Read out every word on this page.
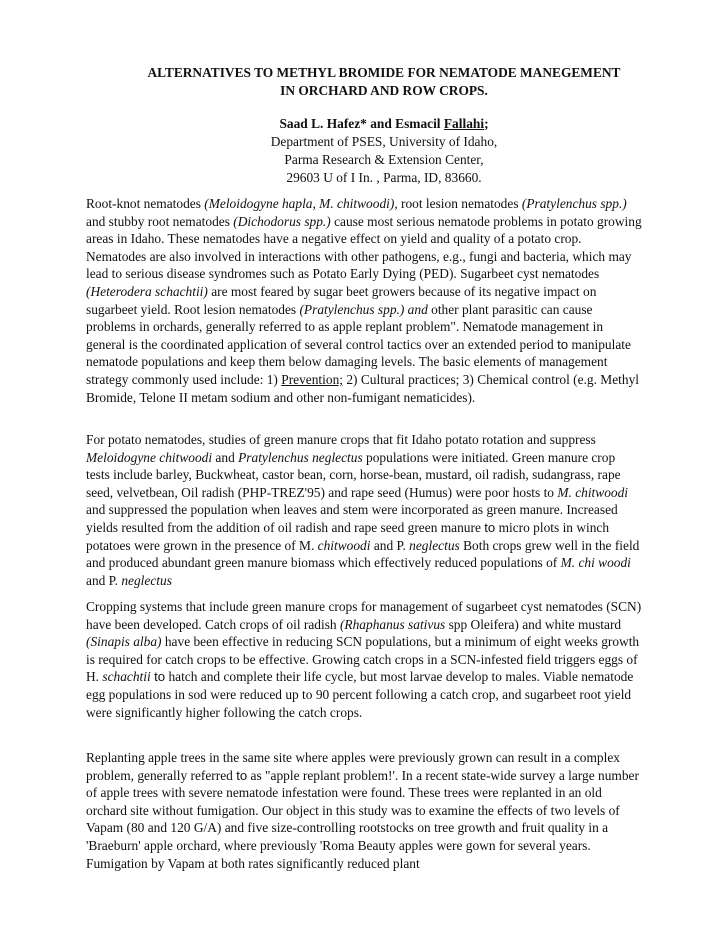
ALTERNATIVES TO METHYL BROMIDE FOR NEMATODE MANEGEMENT
IN ORCHARD AND ROW CROPS.
Saad L. Hafez* and Esmacil Fallahi;
Department of PSES, University of Idaho,
Parma Research & Extension Center,
29603 U of I In. , Parma, ID, 83660.

Root-knot nematodes (Meloidogyne hapla, M. chitwoodi), root lesion nematodes (Pratylenchus spp.) and stubby root nematodes (Dichodorus spp.) cause most serious nematode problems in potato growing areas in Idaho. These nematodes have a negative effect on yield and quality of a potato crop. Nematodes are also involved in interactions with other pathogens, e.g., fungi and bacteria, which may lead to serious disease syndromes such as Potato Early Dying (PED). Sugarbeet cyst nematodes (Heterodera schachtii) are most feared by sugar beet growers because of its negative impact on sugarbeet yield. Root lesion nematodes (Pratylenchus spp.) and other plant parasitic can cause problems in orchards, generally referred to as apple replant problem". Nematode management in general is the coordinated application of several control tactics over an extended period to manipulate nematode populations and keep them below damaging levels. The basic elements of management strategy commonly used include: 1) Prevention; 2) Cultural practices; 3) Chemical control (e.g. Methyl Bromide, Telone II metam sodium and other non-fumigant nematicides).

For potato nematodes, studies of green manure crops that fit Idaho potato rotation and suppress Meloidogyne chitwoodi and Pratylenchus neglectus populations were initiated. Green manure crop tests include barley, Buckwheat, castor bean, corn, horse-bean, mustard, oil radish, sudangrass, rape seed, velvetbean, Oil radish (PHP-TREZ'95) and rape seed (Humus) were poor hosts to M. chitwoodi and suppressed the population when leaves and stem were incorporated as green manure. Increased yields resulted from the addition of oil radish and rape seed green manure to micro plots in winch potatoes were grown in the presence of M. chitwoodi and P. neglectus Both crops grew well in the field and produced abundant green manure biomass which effectively reduced populations of M. chi woodi and P. neglectus

Cropping systems that include green manure crops for management of sugarbeet cyst nematodes (SCN) have been developed. Catch crops of oil radish (Rhaphanus sativus spp Oleifera) and white mustard (Sinapis alba) have been effective in reducing SCN populations, but a minimum of eight weeks growth is required for catch crops to be effective. Growing catch crops in a SCN-infested field triggers eggs of H. schachtii to hatch and complete their life cycle, but most larvae develop to males. Viable nematode egg populations in sod were reduced up to 90 percent following a catch crop, and sugarbeet root yield were significantly higher following the catch crops.

Replanting apple trees in the same site where apples were previously grown can result in a complex problem, generally referred to as "apple replant problem!'. In a recent state-wide survey a large number of apple trees with severe nematode infestation were found. These trees were replanted in an old orchard site without fumigation. Our object in this study was to examine the effects of two levels of Vapam (80 and 120 G/A) and five size-controlling rootstocks on tree growth and fruit quality in a 'Braeburn' apple orchard, where previously 'Roma Beauty apples were gown for several years. Fumigation by Vapam at both rates significantly reduced plant
